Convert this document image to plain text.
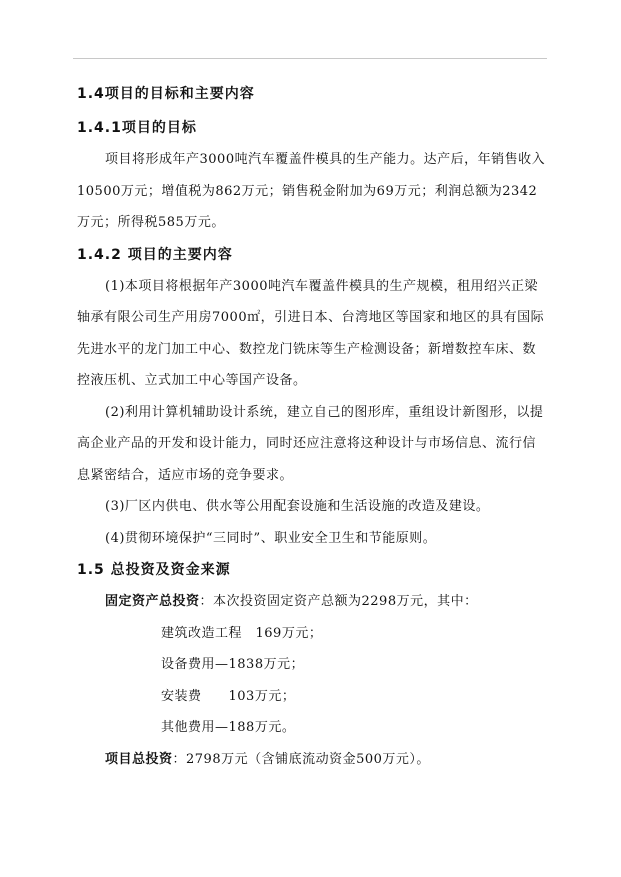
1.4项目的目标和主要内容
1.4.1项目的目标

项目将形成年产3000吨汽车覆盖件模具的生产能力。达产后，年销售收入10500万元；增值税为862万元；销售税金附加为69万元；利润总额为2342万元；所得税585万元。

1.4.2 项目的主要内容

(1)本项目将根据年产3000吨汽车覆盖件模具的生产规模，租用绍兴正梁轴承有限公司生产用房7000㎡，引进日本、台湾地区等国家和地区的具有国际先进水平的龙门加工中心、数控龙门铣床等生产检测设备；新增数控车床、数控液压机、立式加工中心等国产设备。

(2)利用计算机辅助设计系统，建立自己的图形库，重组设计新图形，以提高企业产品的开发和设计能力，同时还应注意将这种设计与市场信息、流行信息紧密结合，适应市场的竞争要求。

(3)厂区内供电、供水等公用配套设施和生活设施的改造及建设。

(4)贯彻环境保护“三同时”、职业安全卫生和节能原则。

1.5 总投资及资金来源
固定资产总投资：本次投资固定资产总额为2298万元，其中：
建筑改造工程　169万元；
设备费用—1838万元；
安装费　　103万元；
其他费用—188万元。
项目总投资：2798万元（含铺底流动资金500万元）。
